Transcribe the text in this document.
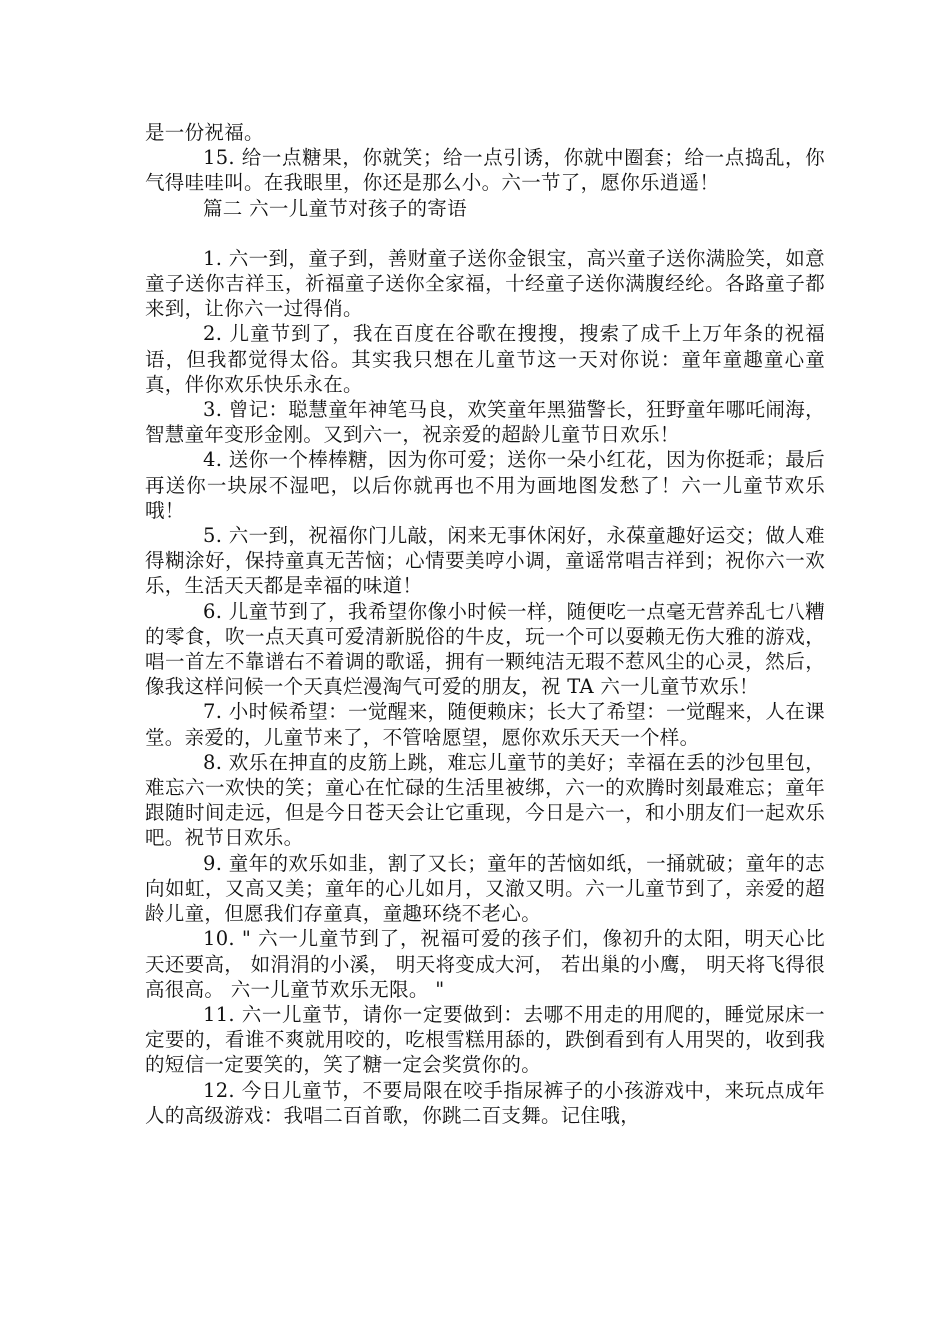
是一份祝福。

15. 给一点糖果，你就笑；给一点引诱，你就中圈套；给一点捣乱，你气得哇哇叫。在我眼里，你还是那么小。六一节了，愿你乐逍遥！

篇二 六一儿童节对孩子的寄语

1. 六一到，童子到，善财童子送你金银宝，高兴童子送你满脸笑，如意童子送你吉祥玉，祈福童子送你全家福，十经童子送你满腹经纶。各路童子都来到，让你六一过得俏。

2. 儿童节到了，我在百度在谷歌在搜搜，搜索了成千上万年条的祝福语，但我都觉得太俗。其实我只想在儿童节这一天对你说：童年童趣童心童真，伴你欢乐快乐永在。

3. 曾记：聪慧童年神笔马良，欢笑童年黑猫警长，狂野童年哪吒闹海，智慧童年变形金刚。又到六一，祝亲爱的超龄儿童节日欢乐！

4. 送你一个棒棒糖，因为你可爱；送你一朵小红花，因为你挺乖；最后再送你一块尿不湿吧，以后你就再也不用为画地图发愁了！六一儿童节欢乐哦！

5. 六一到，祝福你门儿敲，闲来无事休闲好，永葆童趣好运交；做人难得糊涂好，保持童真无苦恼；心情要美哼小调，童谣常唱吉祥到；祝你六一欢乐，生活天天都是幸福的味道！

6. 儿童节到了，我希望你像小时候一样，随便吃一点毫无营养乱七八糟的零食，吹一点天真可爱清新脱俗的牛皮，玩一个可以耍赖无伤大雅的游戏，唱一首左不靠谱右不着调的歌谣，拥有一颗纯洁无瑕不惹风尘的心灵，然后，像我这样问候一个天真烂漫淘气可爱的朋友，祝 TA 六一儿童节欢乐！

7. 小时候希望：一觉醒来，随便赖床；长大了希望：一觉醒来，人在课堂。亲爱的，儿童节来了，不管啥愿望，愿你欢乐天天一个样。

8. 欢乐在抻直的皮筋上跳，难忘儿童节的美好；幸福在丢的沙包里包，难忘六一欢快的笑；童心在忙碌的生活里被绑，六一的欢腾时刻最难忘；童年跟随时间走远，但是今日苍天会让它重现，今日是六一，和小朋友们一起欢乐吧。祝节日欢乐。

9. 童年的欢乐如韭，割了又长；童年的苦恼如纸，一捅就破；童年的志向如虹，又高又美；童年的心儿如月，又澈又明。六一儿童节到了，亲爱的超龄儿童，但愿我们存童真，童趣环绕不老心。

10. " 六一儿童节到了，祝福可爱的孩子们，像初升的太阳，明天心比天还要高， 如涓涓的小溪， 明天将变成大河， 若出巢的小鹰， 明天将飞得很高很高。 六一儿童节欢乐无限。 "

11. 六一儿童节，请你一定要做到：去哪不用走的用爬的，睡觉尿床一定要的，看谁不爽就用咬的，吃根雪糕用舔的，跌倒看到有人用哭的，收到我的短信一定要笑的，笑了糖一定会奖赏你的。

12. 今日儿童节，不要局限在咬手指尿裤子的小孩游戏中，来玩点成年人的高级游戏：我唱二百首歌，你跳二百支舞。记住哦，
